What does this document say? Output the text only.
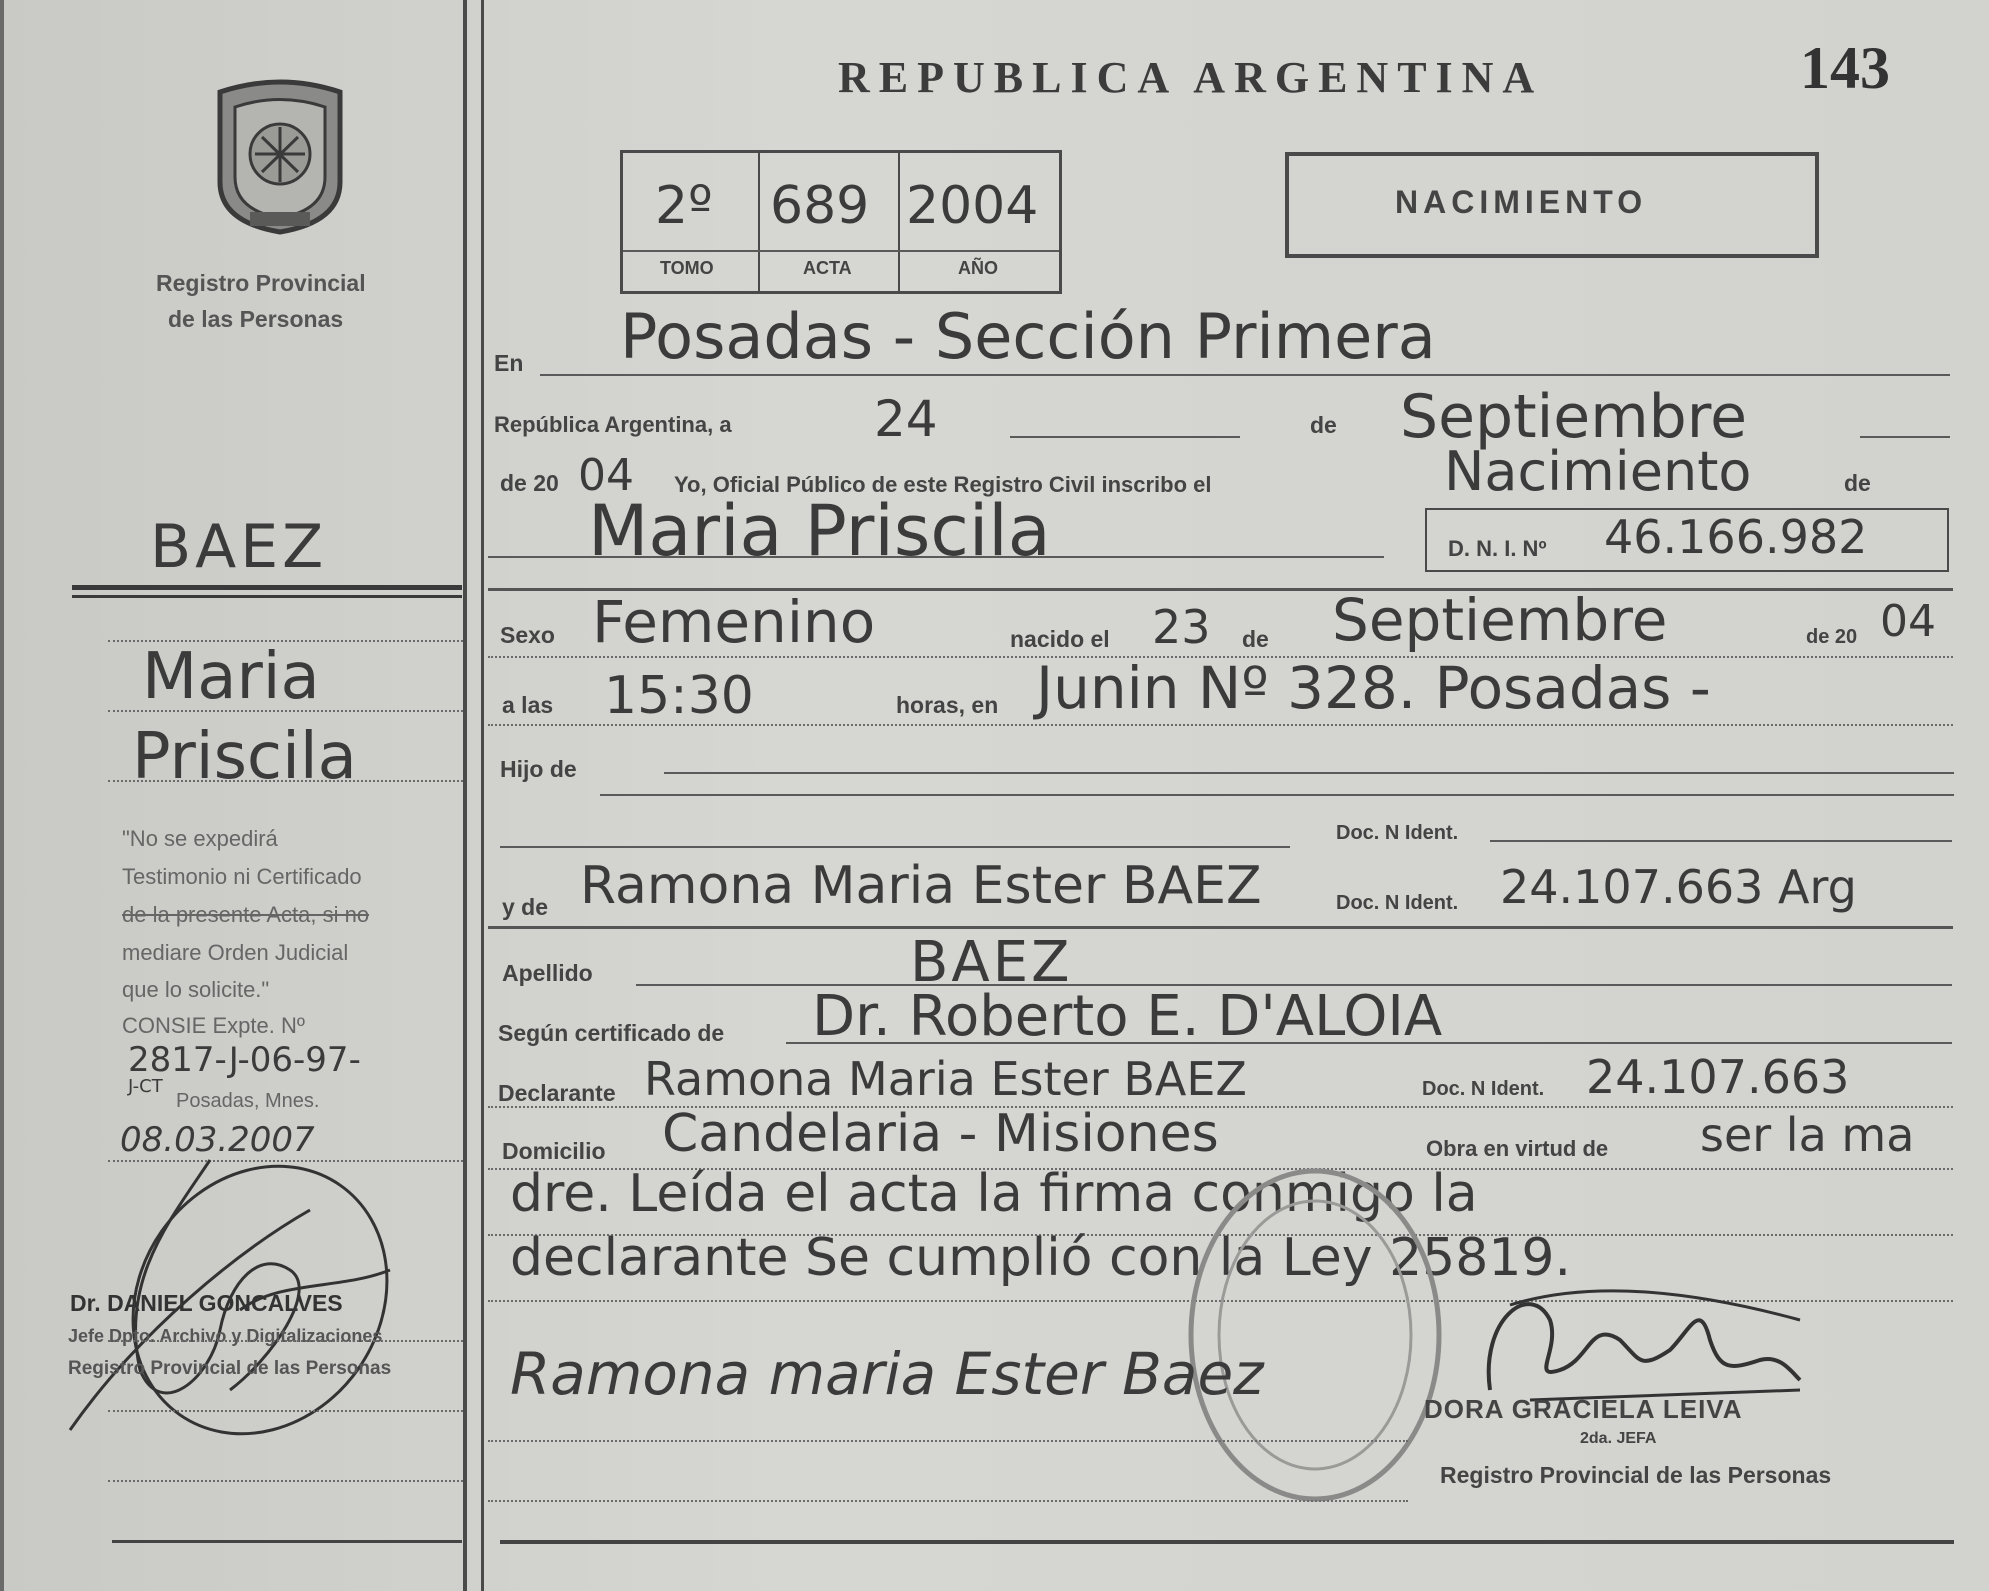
Registro Provincial
de las Personas
BAEZ
Maria
Priscila
"No se expedirá
Testimonio ni Certificado
de la presente Acta, si no
mediare Orden Judicial
que lo solicite."
CONSIE Expte. Nº
2817-J-06-97-
J-CT
Posadas, Mnes.
08.03.2007
Dr. DANIEL GONCALVES
Jefe Dpto. Archivo y Digitalizaciones
Registro Provincial de las Personas
REPUBLICA ARGENTINA	143
2º 689 2004
TOMO	ACTA	AÑO
NACIMIENTO
En Posadas - Sección Primera
República Argentina, a	24	de Septiembre
de 20 04 Yo, Oficial Público de este Registro Civil inscribo el	Nacimiento	de
Maria Priscila	D. N. I. Nº 46.166.982
Sexo Femenino	nacido el 23 de Septiembre	de 20 04
a las 15:30	horas, en Junin Nº 328. Posadas -
Hijo de
Doc. N Ident.
y de Ramona Maria Ester BAEZ	Doc. N Ident. 24.107.663 Arg
Apellido	BAEZ
Según certificado de Dr. Roberto E. D'ALOIA
Declarante Ramona Maria Ester BAEZ	Doc. N Ident. 24.107.663
Domicilio Candelaria - Misiones	Obra en virtud de ser la ma
dre. Leída el acta la firma conmigo la
declarante Se cumplió con la Ley 25819.
Ramona maria Ester Baez
DORA GRACIELA LEIVA
2da. JEFA
Registro Provincial de las Personas
